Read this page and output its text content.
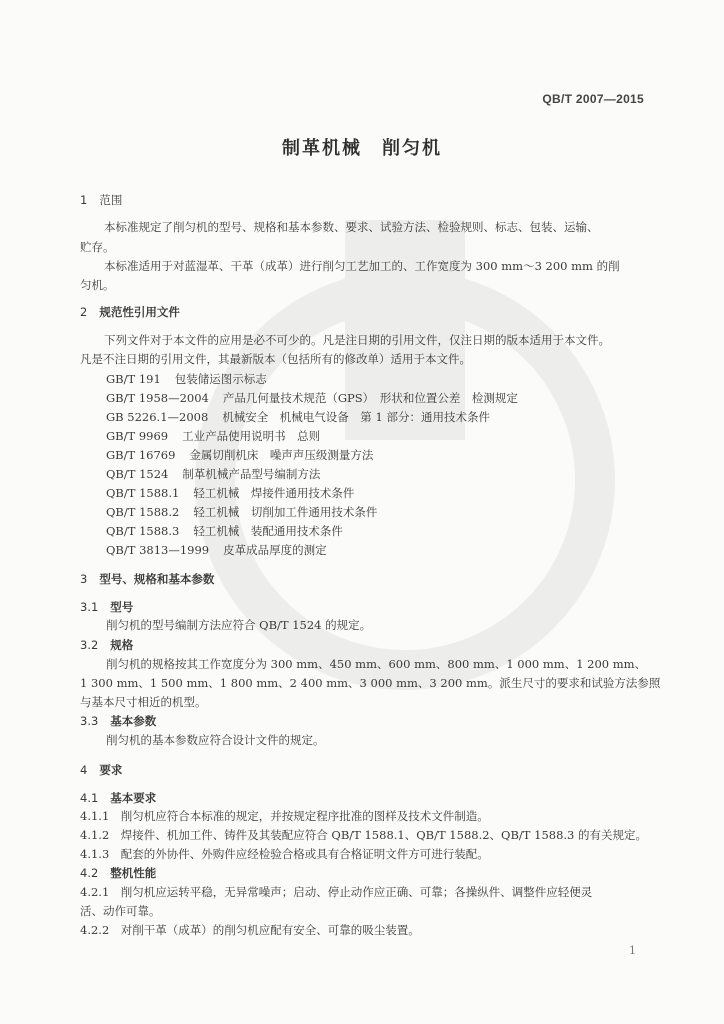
QB/T 2007—2015
制革机械　削匀机
1 范围
本标准规定了削匀机的型号、规格和基本参数、要求、试验方法、检验规则、标志、包装、运输、
贮存。
本标准适用于对蓝湿革、干革（成革）进行削匀工艺加工的、工作宽度为 300 mm～3 200 mm 的削
匀机。
2 规范性引用文件
下列文件对于本文件的应用是必不可少的。凡是注日期的引用文件，仅注日期的版本适用于本文件。
凡是不注日期的引用文件，其最新版本（包括所有的修改单）适用于本文件。
GB/T 191 包装储运图示标志
GB/T 1958—2004 产品几何量技术规范（GPS）　形状和位置公差　检测规定
GB 5226.1—2008 机械安全　机械电气设备　第 1 部分：通用技术条件
GB/T 9969 工业产品使用说明书　总则
GB/T 16769 金属切削机床　噪声声压级测量方法
QB/T 1524 制革机械产品型号编制方法
QB/T 1588.1 轻工机械　焊接件通用技术条件
QB/T 1588.2 轻工机械　切削加工件通用技术条件
QB/T 1588.3 轻工机械　装配通用技术条件
QB/T 3813—1999 皮革成品厚度的测定
3 型号、规格和基本参数
3.1 型号
削匀机的型号编制方法应符合 QB/T 1524 的规定。
3.2 规格
削匀机的规格按其工作宽度分为 300 mm、450 mm、600 mm、800 mm、1 000 mm、1 200 mm、
1 300 mm、1 500 mm、1 800 mm、2 400 mm、3 000 mm、3 200 mm。派生尺寸的要求和试验方法参照
与基本尺寸相近的机型。
3.3 基本参数
削匀机的基本参数应符合设计文件的规定。
4 要求
4.1 基本要求
4.1.1　削匀机应符合本标准的规定，并按规定程序批准的图样及技术文件制造。
4.1.2　焊接件、机加工件、铸件及其装配应符合 QB/T 1588.1、QB/T 1588.2、QB/T 1588.3 的有关规定。
4.1.3　配套的外协件、外购件应经检验合格或具有合格证明文件方可进行装配。
4.2 整机性能
4.2.1　削匀机应运转平稳，无异常噪声；启动、停止动作应正确、可靠；各操纵件、调整件应轻便灵
活、动作可靠。
4.2.2　对削干革（成革）的削匀机应配有安全、可靠的吸尘装置。
1
